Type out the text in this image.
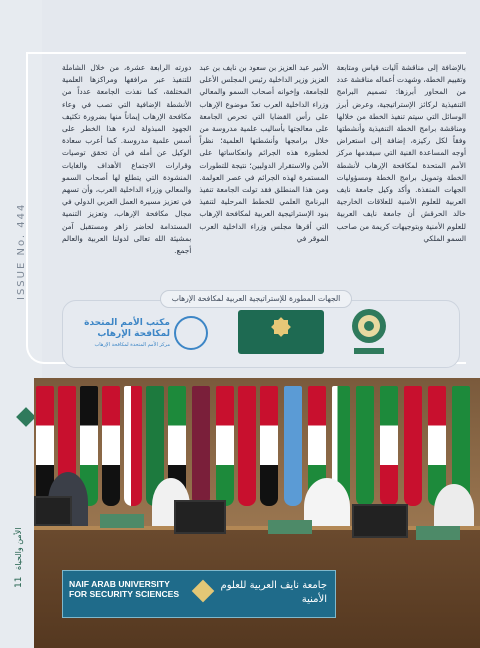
ISSUE No. 444
11
الأمن والحياة

بالإضافة إلى مناقشة آليات قياس ومتابعة وتقييم الخطة، وشهدت أعماله مناقشة عدد من المحاور أبرزها: تصميم البرامج التنفيذية لركائز الإستراتيجية، وعرض أبرز الوسائل التي سيتم تنفيذ الخطة من خلالها ومناقشة برامج الخطة التنفيذية وأنشطتها وفقاً لكل ركيزة، إضافة إلى استعراض أوجه المساعدة الفنية التي سيقدمها مركز الأمم المتحدة لمكافحة الإرهاب لأنشطة الخطة وتمويل برامج الخطة ومسؤوليات الجهات المنفذة. وأكد وكيل جامعة نايف العربية للعلوم الأمنية للعلاقات الخارجية خالد الحرقش أن جامعة نايف العربية للعلوم الأمنية وبتوجيهات كريمة من صاحب السمو الملكي

الأمير عبد العزيز بن سعود بن نايف بن عبد العزيز وزير الداخلية رئيس المجلس الأعلى للجامعة، وإخوانه أصحاب السمو والمعالي وزراء الداخلية العرب تعدّ موضوع الإرهاب على رأس القضايا التي تحرص الجامعة على معالجتها بأساليب علمية مدروسة من خلال برامجها وأنشطتها العلمية؛ نظراً لخطورة هذه الجرائم وانعكاساتها على الأمن والاستقرار الدوليين؛ نتيجة للتطورات المستمرة لهذه الجرائم في عصر العولمة. ومن هذا المنطلق فقد تولت الجامعة تنفيذ البرنامج العلمي للخطط المرحلية لتنفيذ بنود الإستراتيجية العربية لمكافحة الإرهاب التي أقرها مجلس وزراء الداخلية العرب الموقر في

دورته الرابعة عشرة، من خلال الشاملة للتنفيذ عبر مرافقها ومراكزها العلمية المختلفة، كما نفذت الجامعة عدداً من الأنشطة الإضافية التي تصب في وعاء مكافحة الإرهاب إيماناً منها بضرورة تكثيف الجهود المبذولة لدرء هذا الخطر على أسس علمية مدروسة. كما أعرب سعادة الوكيل عن أمله في أن تحقق توصيات وقرارات الاجتماع الأهداف والغايات المنشودة التي يتطلع لها أصحاب السمو والمعالي وزراء الداخلية العرب، وأن تسهم في تعزيز مسيرة العمل العربي الدولي في مجال مكافحة الإرهاب، وتعزيز التنمية المستدامة لحاضر زاهر ومستقبل آمن بمشيئة الله تعالى لدولنا العربية والعالم أجمع.

الجهات المطورة للإستراتيجية العربية لمكافحة الإرهاب
مكتب الأمم المتحدة لمكافحة الإرهاب
مركز الأمم المتحدة لمكافحة الإرهاب
NAIF ARAB UNIVERSITY FOR SECURITY SCIENCES
جامعة نايف العربية للعلوم الأمنية
